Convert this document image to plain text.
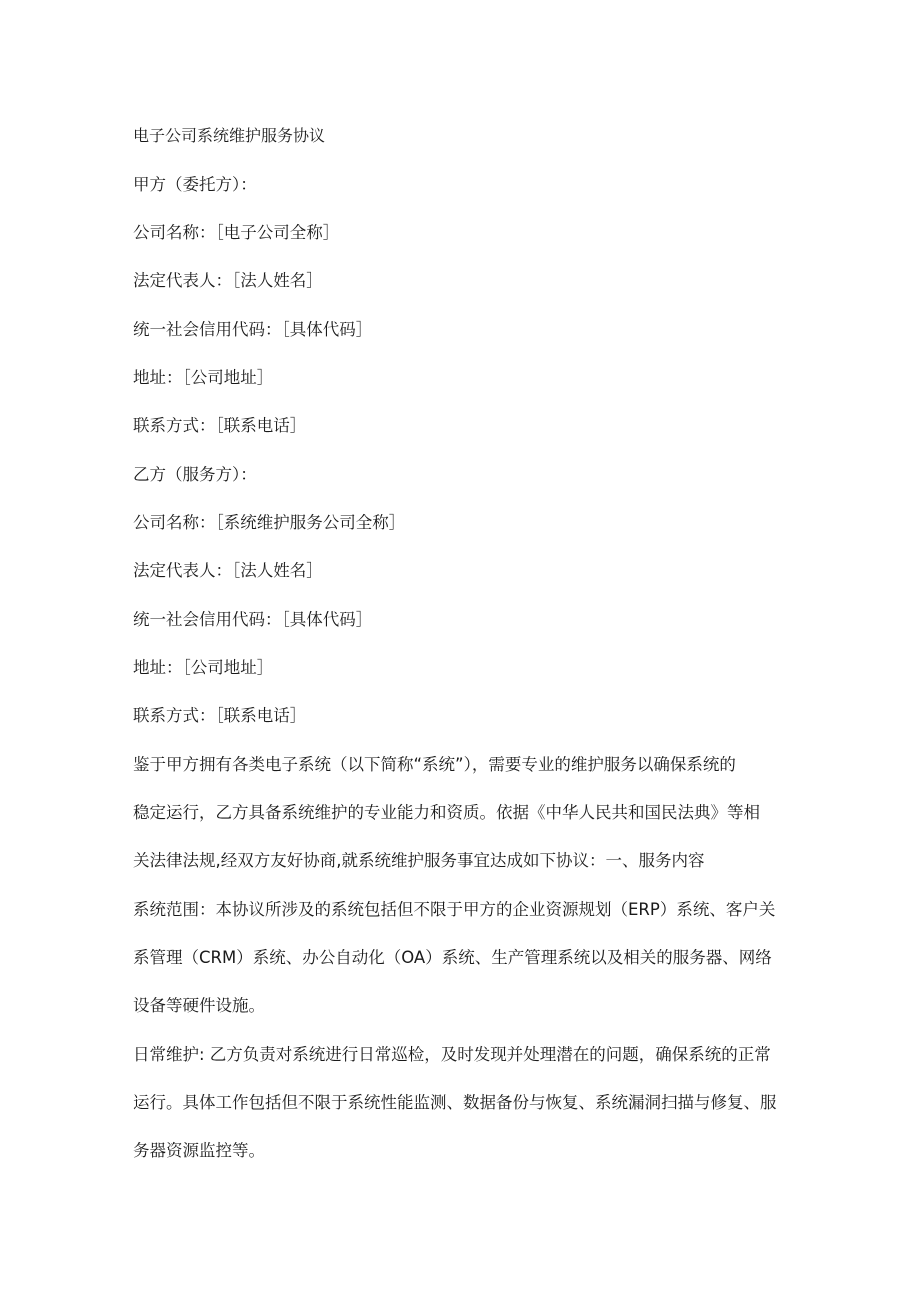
电子公司系统维护服务协议
甲方（委托方）：
公司名称：［电子公司全称］
法定代表人：［法人姓名］
统一社会信用代码：［具体代码］
地址：［公司地址］
联系方式：［联系电话］
乙方（服务方）：
公司名称：［系统维护服务公司全称］
法定代表人：［法人姓名］
统一社会信用代码：［具体代码］
地址：［公司地址］
联系方式：［联系电话］
鉴于甲方拥有各类电子系统（以下简称“系统”），需要专业的维护服务以确保系统的
稳定运行，乙方具备系统维护的专业能力和资质。依据《中华人民共和国民法典》等相
关法律法规,经双方友好协商,就系统维护服务事宜达成如下协议：一、服务内容
系统范围：本协议所涉及的系统包括但不限于甲方的企业资源规划（ERP）系统、客户关
系管理（CRM）系统、办公自动化（OA）系统、生产管理系统以及相关的服务器、网络
设备等硬件设施。
日常维护: 乙方负责对系统进行日常巡检，及时发现并处理潜在的问题，确保系统的正常
运行。具体工作包括但不限于系统性能监测、数据备份与恢复、系统漏洞扫描与修复、服
务器资源监控等。
